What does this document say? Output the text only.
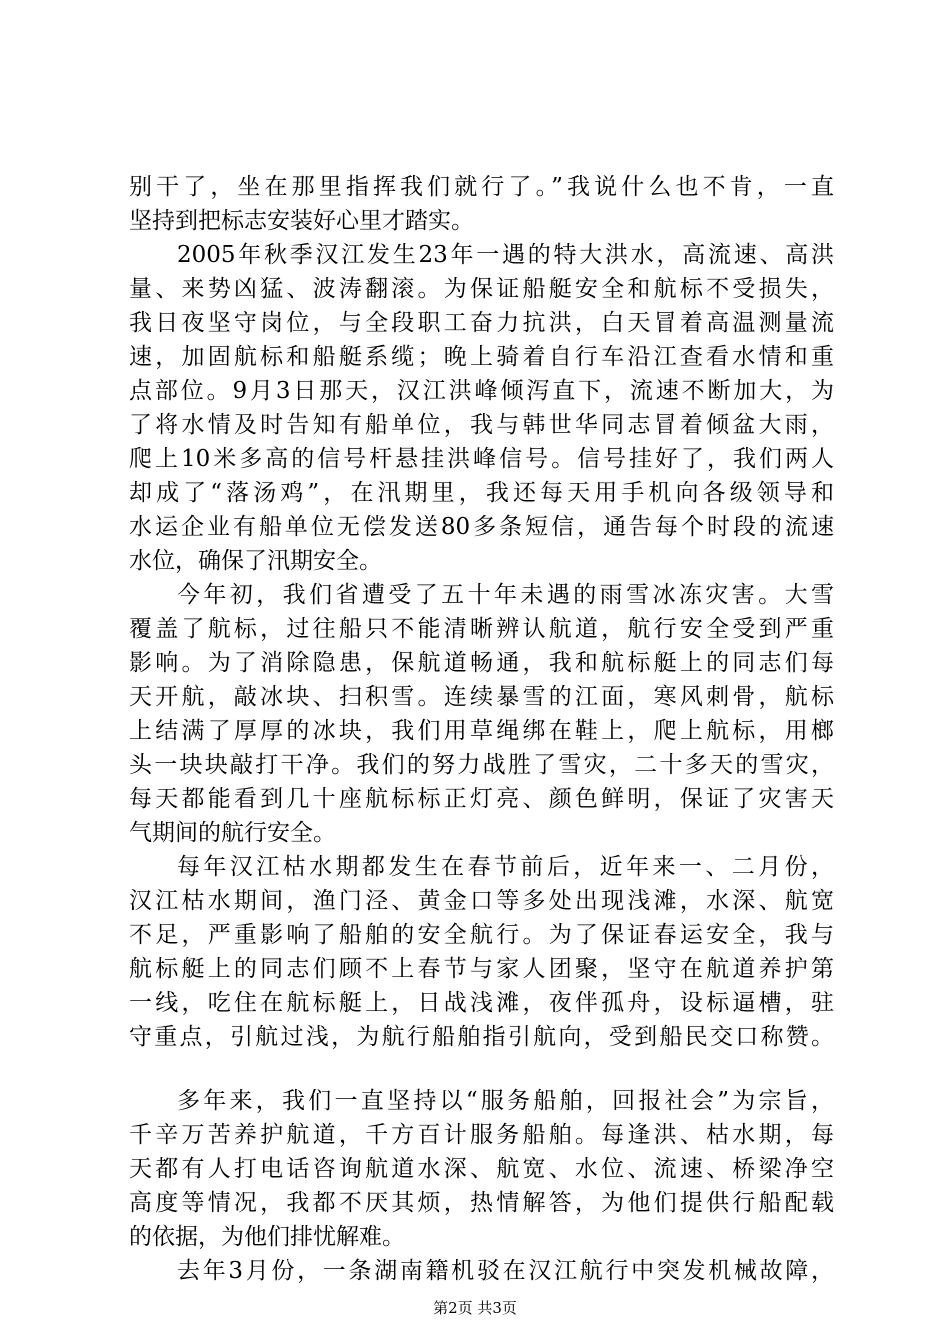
别干了，坐在那里指挥我们就行了。”我说什么也不肯，一直
坚持到把标志安装好心里才踏实。
2005年秋季汉江发生23年一遇的特大洪水，高流速、高洪
量、来势凶猛、波涛翻滚。为保证船艇安全和航标不受损失，
我日夜坚守岗位，与全段职工奋力抗洪，白天冒着高温测量流
速，加固航标和船艇系缆；晚上骑着自行车沿江查看水情和重
点部位。9月3日那天，汉江洪峰倾泻直下，流速不断加大，为
了将水情及时告知有船单位，我与韩世华同志冒着倾盆大雨，
爬上10米多高的信号杆悬挂洪峰信号。信号挂好了，我们两人
却成了“落汤鸡”，在汛期里，我还每天用手机向各级领导和
水运企业有船单位无偿发送80多条短信，通告每个时段的流速
水位，确保了汛期安全。
今年初，我们省遭受了五十年未遇的雨雪冰冻灾害。大雪
覆盖了航标，过往船只不能清晰辨认航道，航行安全受到严重
影响。为了消除隐患，保航道畅通，我和航标艇上的同志们每
天开航，敲冰块、扫积雪。连续暴雪的江面，寒风刺骨，航标
上结满了厚厚的冰块，我们用草绳绑在鞋上，爬上航标，用榔
头一块块敲打干净。我们的努力战胜了雪灾，二十多天的雪灾，
每天都能看到几十座航标标正灯亮、颜色鲜明，保证了灾害天
气期间的航行安全。
每年汉江枯水期都发生在春节前后，近年来一、二月份，
汉江枯水期间，渔门泾、黄金口等多处出现浅滩，水深、航宽
不足，严重影响了船舶的安全航行。为了保证春运安全，我与
航标艇上的同志们顾不上春节与家人团聚，坚守在航道养护第
一线，吃住在航标艇上，日战浅滩，夜伴孤舟，设标逼槽，驻
守重点，引航过浅，为航行船舶指引航向，受到船民交口称赞。
多年来，我们一直坚持以“服务船舶，回报社会”为宗旨，
千辛万苦养护航道，千方百计服务船舶。每逢洪、枯水期，每
天都有人打电话咨询航道水深、航宽、水位、流速、桥梁净空
高度等情况，我都不厌其烦，热情解答，为他们提供行船配载
的依据，为他们排忧解难。
去年3月份，一条湖南籍机驳在汉江航行中突发机械故障，
第2页 共3页
